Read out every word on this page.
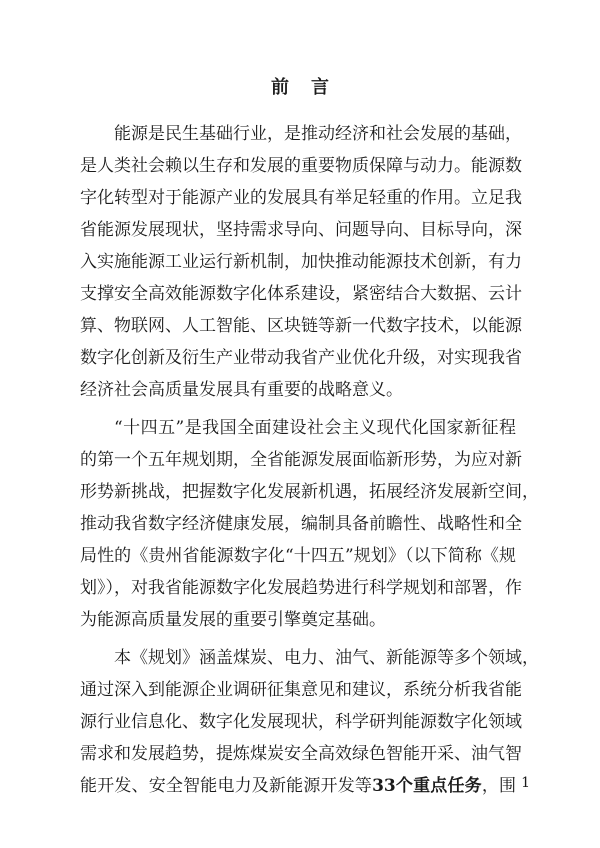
前言
能源是民生基础行业，是推动经济和社会发展的基础，
是人类社会赖以生存和发展的重要物质保障与动力。能源数
字化转型对于能源产业的发展具有举足轻重的作用。立足我
省能源发展现状，坚持需求导向、问题导向、目标导向，深
入实施能源工业运行新机制，加快推动能源技术创新，有力
支撑安全高效能源数字化体系建设，紧密结合大数据、云计
算、物联网、人工智能、区块链等新一代数字技术，以能源
数字化创新及衍生产业带动我省产业优化升级，对实现我省
经济社会高质量发展具有重要的战略意义。
“十四五”是我国全面建设社会主义现代化国家新征程
的第一个五年规划期，全省能源发展面临新形势，为应对新
形势新挑战，把握数字化发展新机遇，拓展经济发展新空间，
推动我省数字经济健康发展，编制具备前瞻性、战略性和全
局性的《贵州省能源数字化“十四五”规划》（以下简称《规
划》），对我省能源数字化发展趋势进行科学规划和部署，作
为能源高质量发展的重要引擎奠定基础。
本《规划》涵盖煤炭、电力、油气、新能源等多个领域，
通过深入到能源企业调研征集意见和建议，系统分析我省能
源行业信息化、数字化发展现状，科学研判能源数字化领域
需求和发展趋势，提炼煤炭安全高效绿色智能开采、油气智
能开发、安全智能电力及新能源开发等33个重点任务，围 1
